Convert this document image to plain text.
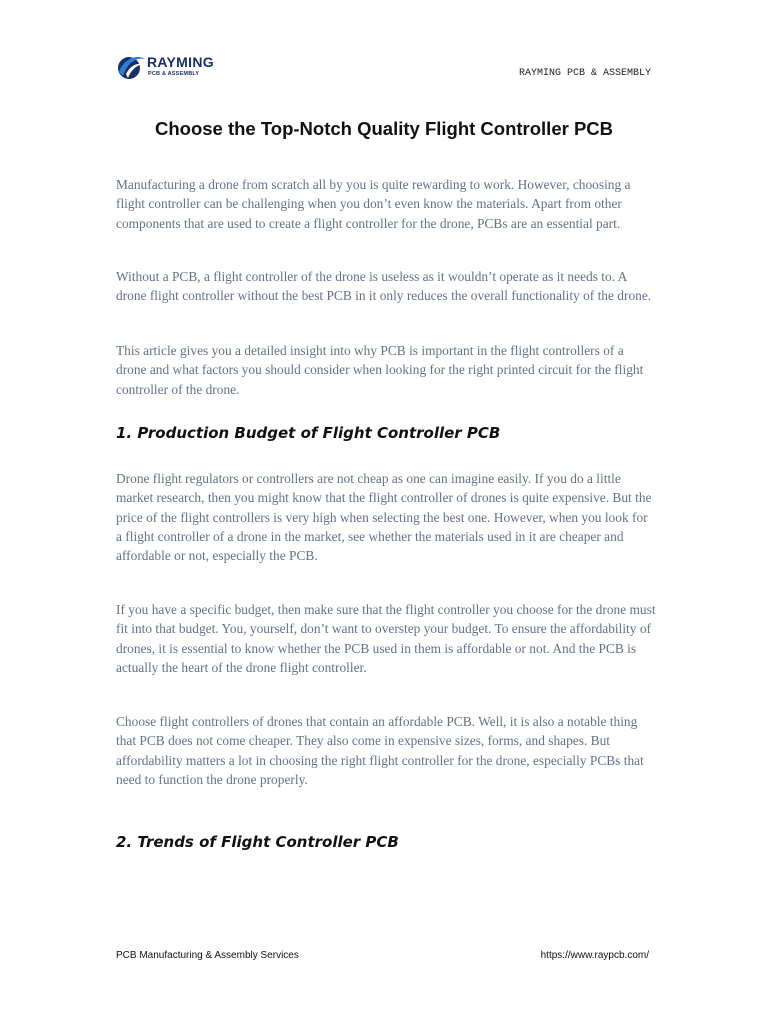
RAYMING
PCB & ASSEMBLY	RAYMING PCB & ASSEMBLY
Choose the Top-Notch Quality Flight Controller PCB

Manufacturing a drone from scratch all by you is quite rewarding to work. However, choosing a flight controller can be challenging when you don’t even know the materials. Apart from other components that are used to create a flight controller for the drone, PCBs are an essential part.

Without a PCB, a flight controller of the drone is useless as it wouldn’t operate as it needs to. A drone flight controller without the best PCB in it only reduces the overall functionality of the drone.

This article gives you a detailed insight into why PCB is important in the flight controllers of a drone and what factors you should consider when looking for the right printed circuit for the flight controller of the drone.

1. Production Budget of Flight Controller PCB

Drone flight regulators or controllers are not cheap as one can imagine easily. If you do a little market research, then you might know that the flight controller of drones is quite expensive. But the price of the flight controllers is very high when selecting the best one. However, when you look for a flight controller of a drone in the market, see whether the materials used in it are cheaper and affordable or not, especially the PCB.

If you have a specific budget, then make sure that the flight controller you choose for the drone must fit into that budget. You, yourself, don’t want to overstep your budget. To ensure the affordability of drones, it is essential to know whether the PCB used in them is affordable or not. And the PCB is actually the heart of the drone flight controller.

Choose flight controllers of drones that contain an affordable PCB. Well, it is also a notable thing that PCB does not come cheaper. They also come in expensive sizes, forms, and shapes. But affordability matters a lot in choosing the right flight controller for the drone, especially PCBs that need to function the drone properly.

2. Trends of Flight Controller PCB
PCB Manufacturing & Assembly Services	https://www.raypcb.com/
